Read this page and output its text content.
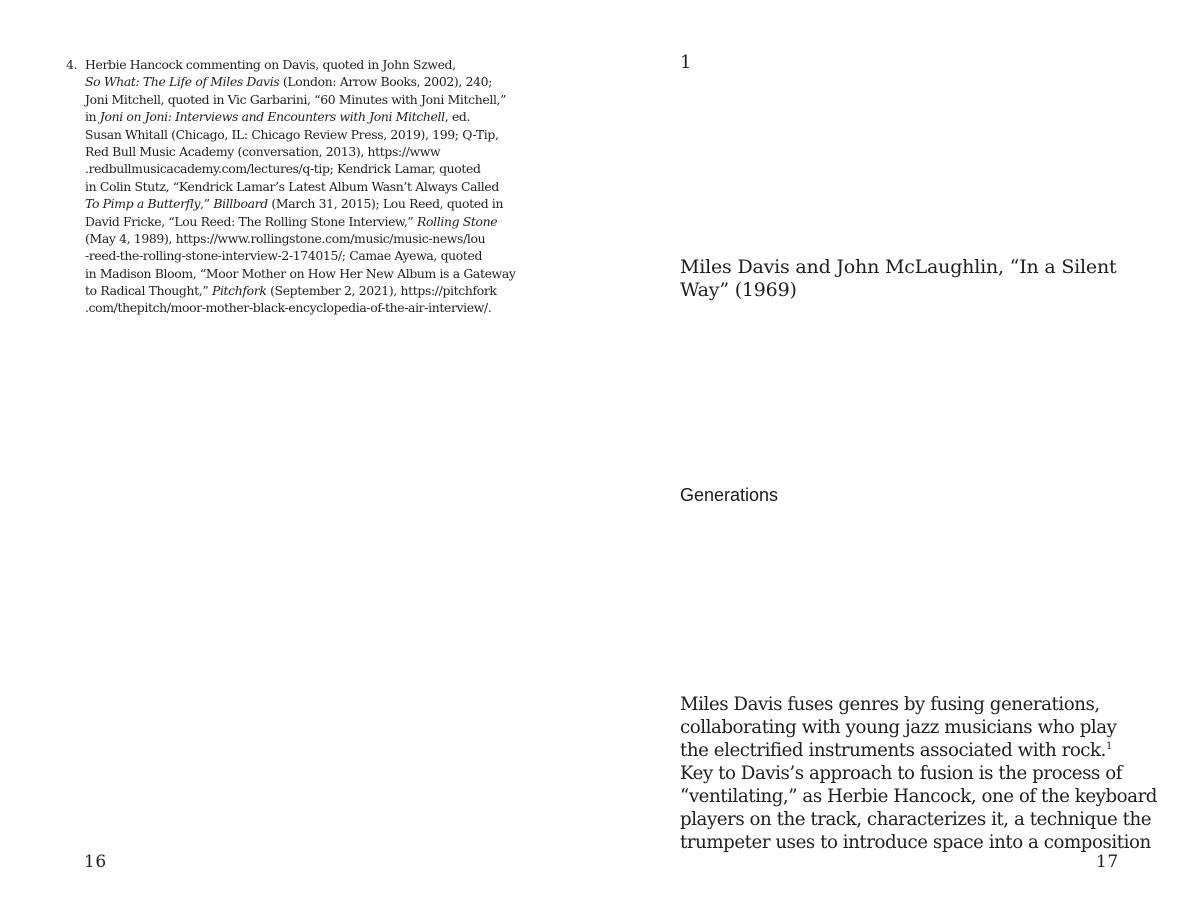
4. Herbie Hancock commenting on Davis, quoted in John Szwed,
So What: The Life of Miles Davis (London: Arrow Books, 2002), 240;
Joni Mitchell, quoted in Vic Garbarini, “60 Minutes with Joni Mitchell,”
in Joni on Joni: Interviews and Encounters with Joni Mitchell, ed.
Susan Whitall (Chicago, IL: Chicago Review Press, 2019), 199; Q-Tip,
Red Bull Music Academy (conversation, 2013), https://www
.redbullmusicacademy.com/lectures/q-tip; Kendrick Lamar, quoted
in Colin Stutz, “Kendrick Lamar’s Latest Album Wasn’t Always Called
To Pimp a Butterfly,” Billboard (March 31, 2015); Lou Reed, quoted in
David Fricke, “Lou Reed: The Rolling Stone Interview,” Rolling Stone
(May 4, 1989), https://www.rollingstone.com/music/music-news/lou
-reed-the-rolling-stone-interview-2-174015/; Camae Ayewa, quoted
in Madison Bloom, “Moor Mother on How Her New Album is a Gateway
to Radical Thought,” Pitchfork (September 2, 2021), https://pitchfork
.com/thepitch/moor-mother-black-encyclopedia-of-the-air-interview/.
16
1
Miles Davis and John McLaughlin, “In a Silent Way” (1969)
Generations
Miles Davis fuses genres by fusing generations,
collaborating with young jazz musicians who play
the electrified instruments associated with rock.$^1$
Key to Davis’s approach to fusion is the process of
“ventilating,” as Herbie Hancock, one of the keyboard
players on the track, characterizes it, a technique the
trumpeter uses to introduce space into a composition
17
